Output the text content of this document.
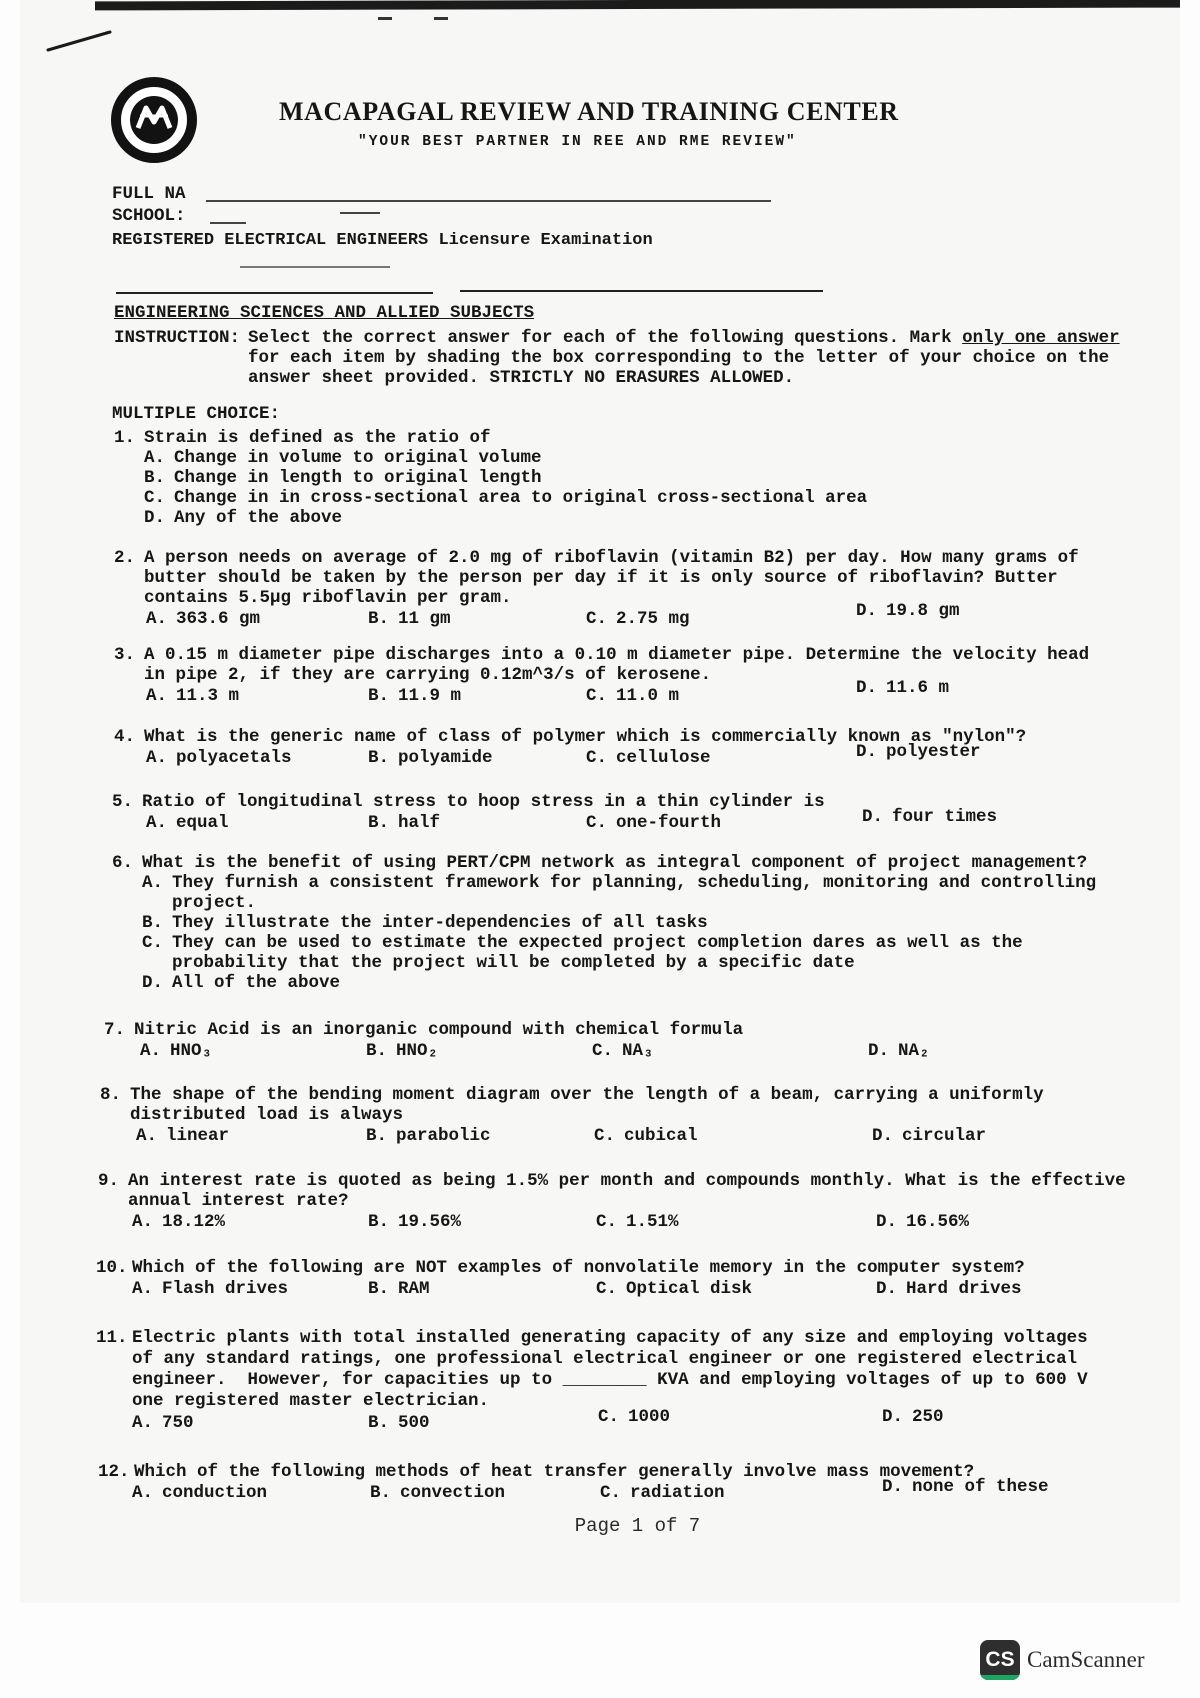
MACAPAGAL REVIEW AND TRAINING CENTER
"YOUR BEST PARTNER IN REE AND RME REVIEW"
FULL NA
SCHOOL:
REGISTERED ELECTRICAL ENGINEERS Licensure Examination
ENGINEERING SCIENCES AND ALLIED SUBJECTS
INSTRUCTION: Select the correct answer for each of the following questions. Mark only one answer
for each item by shading the box corresponding to the letter of your choice on the
answer sheet provided. STRICTLY NO ERASURES ALLOWED.
MULTIPLE CHOICE:
1. Strain is defined as the ratio of
A. Change in volume to original volume
B. Change in length to original length
C. Change in in cross-sectional area to original cross-sectional area
D. Any of the above
2. A person needs on average of 2.0 mg of riboflavin (vitamin B2) per day. How many grams of
butter should be taken by the person per day if it is only source of riboflavin? Butter
contains 5.5µg riboflavin per gram.
A. 363.6 gm	B. 11 gm	C. 2.75 mg	D. 19.8 gm
3. A 0.15 m diameter pipe discharges into a 0.10 m diameter pipe. Determine the velocity head
in pipe 2, if they are carrying 0.12m^3/s of kerosene.
A. 11.3 m	B. 11.9 m	C. 11.0 m	D. 11.6 m
4. What is the generic name of class of polymer which is commercially known as "nylon"?
A. polyacetals	B. polyamide	C. cellulose	D. polyester
5. Ratio of longitudinal stress to hoop stress in a thin cylinder is
A. equal	B. half	C. one-fourth	D. four times
6. What is the benefit of using PERT/CPM network as integral component of project management?
A. They furnish a consistent framework for planning, scheduling, monitoring and controlling
project.
B. They illustrate the inter-dependencies of all tasks
C. They can be used to estimate the expected project completion dares as well as the
probability that the project will be completed by a specific date
D. All of the above
7. Nitric Acid is an inorganic compound with chemical formula
A. HNO₃	B. HNO₂	C. NA₃	D. NA₂
8. The shape of the bending moment diagram over the length of a beam, carrying a uniformly
distributed load is always
A. linear	B. parabolic	C. cubical	D. circular
9. An interest rate is quoted as being 1.5% per month and compounds monthly. What is the effective
annual interest rate?
A. 18.12%	B. 19.56%	C. 1.51%	D. 16.56%
10. Which of the following are NOT examples of nonvolatile memory in the computer system?
A. Flash drives	B. RAM	C. Optical disk	D. Hard drives
11. Electric plants with total installed generating capacity of any size and employing voltages
of any standard ratings, one professional electrical engineer or one registered electrical
engineer.  However, for capacities up to ________ KVA and employing voltages of up to 600 V
one registered master electrician.
A. 750	B. 500	C. 1000	D. 250
12. Which of the following methods of heat transfer generally involve mass movement?
A. conduction	B. convection	C. radiation	D. none of these
Page 1 of 7
CS CamScanner
